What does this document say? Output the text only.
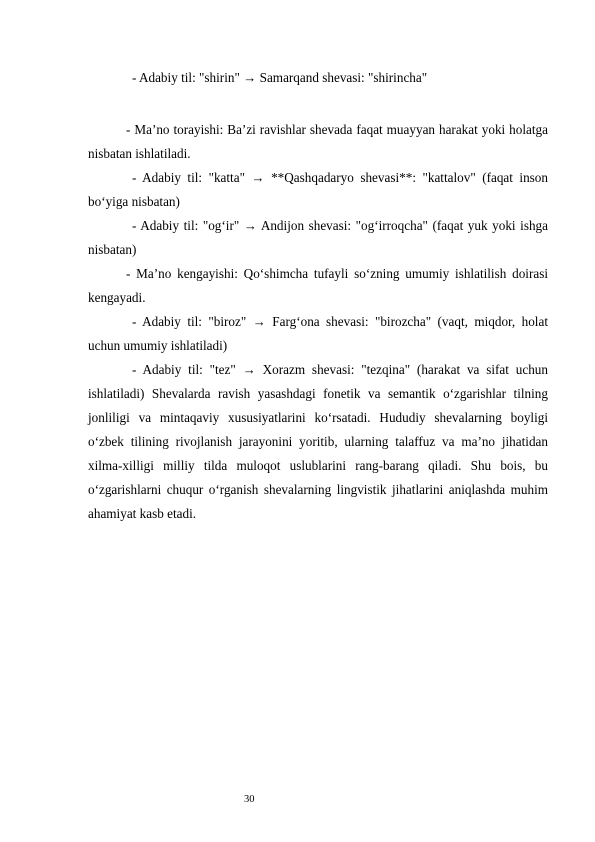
- Adabiy til: "shirin" → Samarqand shevasi: "shirincha"

- Ma’no torayishi: Ba’zi ravishlar shevada faqat muayyan harakat yoki holatga nisbatan ishlatiladi.

- Adabiy til: "katta" → **Qashqadaryo shevasi**: "kattalov" (faqat inson bo‘yiga nisbatan)

- Adabiy til: "og‘ir" → Andijon shevasi: "og‘irroqcha" (faqat yuk yoki ishga nisbatan)

- Ma’no kengayishi: Qo‘shimcha tufayli so‘zning umumiy ishlatilish doirasi kengayadi.

- Adabiy til: "biroz" → Farg‘ona shevasi: "birozcha" (vaqt, miqdor, holat uchun umumiy ishlatiladi)

- Adabiy til: "tez" → Xorazm shevasi: "tezqina" (harakat va sifat uchun ishlatiladi) Shevalarda ravish yasashdagi fonetik va semantik o‘zgarishlar tilning jonliligi va mintaqaviy xususiyatlarini ko‘rsatadi. Hududiy shevalarning boyligi o‘zbek tilining rivojlanish jarayonini yoritib, ularning talaffuz va ma’no jihatidan xilma-xilligi milliy tilda muloqot uslublarini rang-barang qiladi. Shu bois, bu o‘zgarishlarni chuqur o‘rganish shevalarning lingvistik jihatlarini aniqlashda muhim ahamiyat kasb etadi.

30
